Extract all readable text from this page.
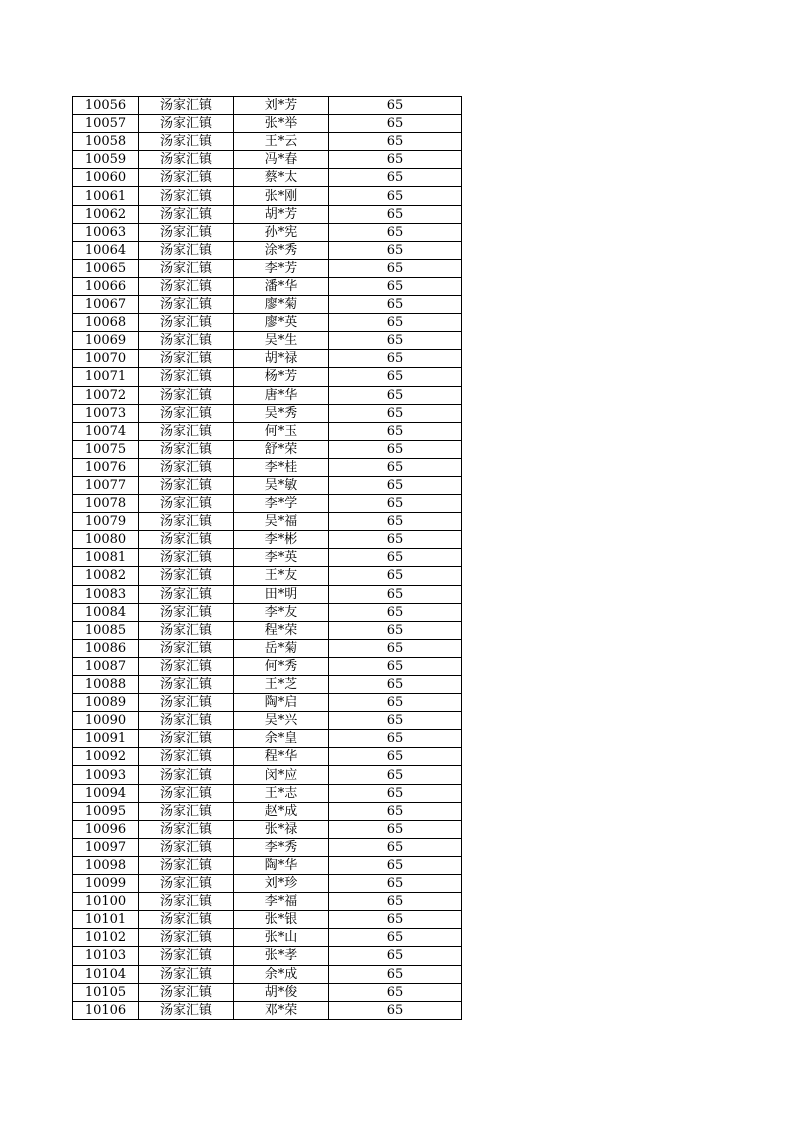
10056	汤家汇镇	刘*芳	65
10057	汤家汇镇	张*举	65
10058	汤家汇镇	王*云	65
10059	汤家汇镇	冯*春	65
10060	汤家汇镇	蔡*太	65
10061	汤家汇镇	张*刚	65
10062	汤家汇镇	胡*芳	65
10063	汤家汇镇	孙*宪	65
10064	汤家汇镇	涂*秀	65
10065	汤家汇镇	李*芳	65
10066	汤家汇镇	潘*华	65
10067	汤家汇镇	廖*菊	65
10068	汤家汇镇	廖*英	65
10069	汤家汇镇	吴*生	65
10070	汤家汇镇	胡*禄	65
10071	汤家汇镇	杨*芳	65
10072	汤家汇镇	唐*华	65
10073	汤家汇镇	吴*秀	65
10074	汤家汇镇	何*玉	65
10075	汤家汇镇	舒*荣	65
10076	汤家汇镇	李*桂	65
10077	汤家汇镇	吴*敏	65
10078	汤家汇镇	李*学	65
10079	汤家汇镇	吴*福	65
10080	汤家汇镇	李*彬	65
10081	汤家汇镇	李*英	65
10082	汤家汇镇	王*友	65
10083	汤家汇镇	田*明	65
10084	汤家汇镇	李*友	65
10085	汤家汇镇	程*荣	65
10086	汤家汇镇	岳*菊	65
10087	汤家汇镇	何*秀	65
10088	汤家汇镇	王*芝	65
10089	汤家汇镇	陶*启	65
10090	汤家汇镇	吴*兴	65
10091	汤家汇镇	余*皇	65
10092	汤家汇镇	程*华	65
10093	汤家汇镇	闵*应	65
10094	汤家汇镇	王*志	65
10095	汤家汇镇	赵*成	65
10096	汤家汇镇	张*禄	65
10097	汤家汇镇	李*秀	65
10098	汤家汇镇	陶*华	65
10099	汤家汇镇	刘*珍	65
10100	汤家汇镇	李*福	65
10101	汤家汇镇	张*银	65
10102	汤家汇镇	张*山	65
10103	汤家汇镇	张*孝	65
10104	汤家汇镇	余*成	65
10105	汤家汇镇	胡*俊	65
10106	汤家汇镇	邓*荣	65
